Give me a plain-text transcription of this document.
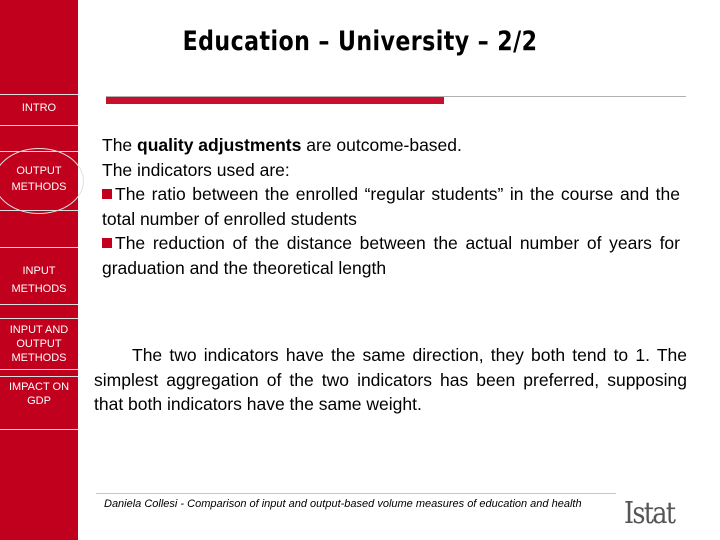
INTRO
OUTPUT
METHODS
INPUT
METHODS
INPUT AND
OUTPUT
METHODS
IMPACT ON
GDP
Education – University – 2/2

The quality adjustments are outcome-based.

The indicators used are:

The ratio between the enrolled “regular students” in the course and the total number of enrolled students

The reduction of the distance between the actual number of years for graduation and the theoretical length

The two indicators have the same direction, they both tend to 1. The simplest aggregation of the two indicators has been preferred, supposing that both indicators have the same weight.
Daniela Collesi - Comparison of input and output-based volume measures of education and health Istat
